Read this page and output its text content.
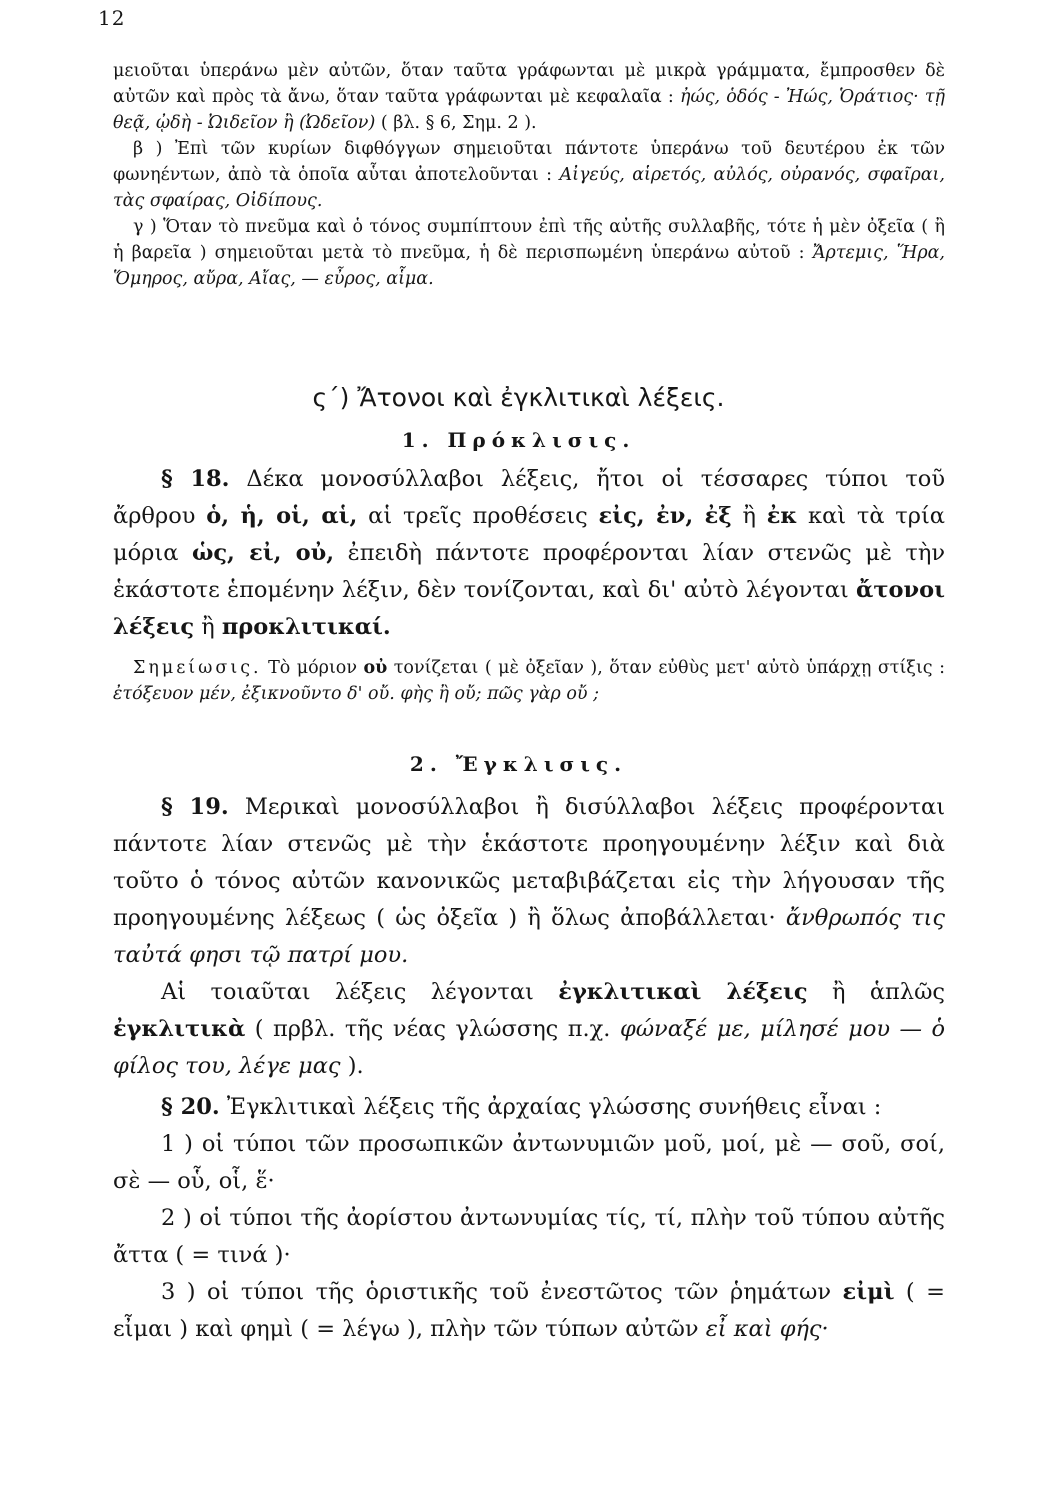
12

μειοῦται ὑπεράνω μὲν αὐτῶν, ὅταν ταῦτα γράφωνται μὲ μικρὰ γράμματα, ἔμπροσθεν δὲ αὐτῶν καὶ πρὸς τὰ ἄνω, ὅταν ταῦτα γράφωνται μὲ κεφαλαῖα : ἠώς, ὁδός - Ἠώς, Ὁράτιος· τῇ θεᾷ, ᾠδὴ - Ὠιδεῖον ἢ (Ὠδεῖον) ( βλ. § 6, Σημ. 2 ).

β ) Ἐπὶ τῶν κυρίων διφθόγγων σημειοῦται πάντοτε ὑπεράνω τοῦ δευτέρου ἐκ τῶν φωνηέντων, ἀπὸ τὰ ὁποῖα αὗται ἀποτελοῦνται : Αἰγεύς, αἱρετός, αὐλός, οὐρανός, σφαῖραι, τὰς σφαίρας, Οἰδίπους.

γ ) Ὅταν τὸ πνεῦμα καὶ ὁ τόνος συμπίπτουν ἐπὶ τῆς αὐτῆς συλλαβῆς, τότε ἡ μὲν ὀξεῖα ( ἢ ἡ βαρεῖα ) σημειοῦται μετὰ τὸ πνεῦμα, ἡ δὲ περισπωμένη ὑπεράνω αὐτοῦ : Ἄρτεμις, Ἥρα, Ὅμηρος, αὔρα, Αἴας, — εὖρος, αἷμα.

ς΄) Ἄτονοι καὶ ἐγκλιτικαὶ λέξεις.
1. Πρόκλισις.

§ 18. Δέκα μονοσύλλαβοι λέξεις, ἤτοι οἱ τέσσαρες τύποι τοῦ ἄρθρου ὁ, ἡ, οἱ, αἱ, αἱ τρεῖς προθέσεις εἰς, ἐν, ἐξ ἢ ἐκ καὶ τὰ τρία μόρια ὡς, εἰ, οὐ, ἐπειδὴ πάντοτε προφέρονται λίαν στενῶς μὲ τὴν ἑκάστοτε ἑπομένην λέξιν, δὲν τονίζονται, καὶ δι' αὐτὸ λέγονται ἄτονοι λέξεις ἢ προκλιτικαί.

Σημείωσις. Τὸ μόριον οὐ τονίζεται ( μὲ ὀξεῖαν ), ὅταν εὐθὺς μετ' αὐτὸ ὑπάρχῃ στίξις : ἐτόξευον μέν, ἐξικνοῦντο δ' οὔ. φὴς ἢ οὔ; πῶς γὰρ οὔ ;

2. Ἔγκλισις.

§ 19. Μερικαὶ μονοσύλλαβοι ἢ δισύλλαβοι λέξεις προφέρονται πάντοτε λίαν στενῶς μὲ τὴν ἑκάστοτε προηγουμένην λέξιν καὶ διὰ τοῦτο ὁ τόνος αὐτῶν κανονικῶς μεταβιβάζεται εἰς τὴν λήγουσαν τῆς προηγουμένης λέξεως ( ὡς ὀξεῖα ) ἢ ὅλως ἀποβάλλεται· ἄνθρωπός τις ταὐτά φησι τῷ πατρί μου.

Αἱ τοιαῦται λέξεις λέγονται ἐγκλιτικαὶ λέξεις ἢ ἁπλῶς ἐγκλιτικὰ ( πρβλ. τῆς νέας γλώσσης π.χ. φώναξέ με, μίλησέ μου — ὁ φίλος του, λέγε μας ).

§ 20. Ἐγκλιτικαὶ λέξεις τῆς ἀρχαίας γλώσσης συνήθεις εἶναι :

1 ) οἱ τύποι τῶν προσωπικῶν ἀντωνυμιῶν μοῦ, μοί, μὲ — σοῦ, σοί, σὲ — οὗ, οἷ, ἕ·

2 ) οἱ τύποι τῆς ἀορίστου ἀντωνυμίας τίς, τί, πλὴν τοῦ τύπου αὐτῆς ἄττα ( = τινά )·

3 ) οἱ τύποι τῆς ὁριστικῆς τοῦ ἐνεστῶτος τῶν ῥημάτων εἰμὶ ( = εἶμαι ) καὶ φημὶ ( = λέγω ), πλὴν τῶν τύπων αὐτῶν εἶ καὶ φής·
